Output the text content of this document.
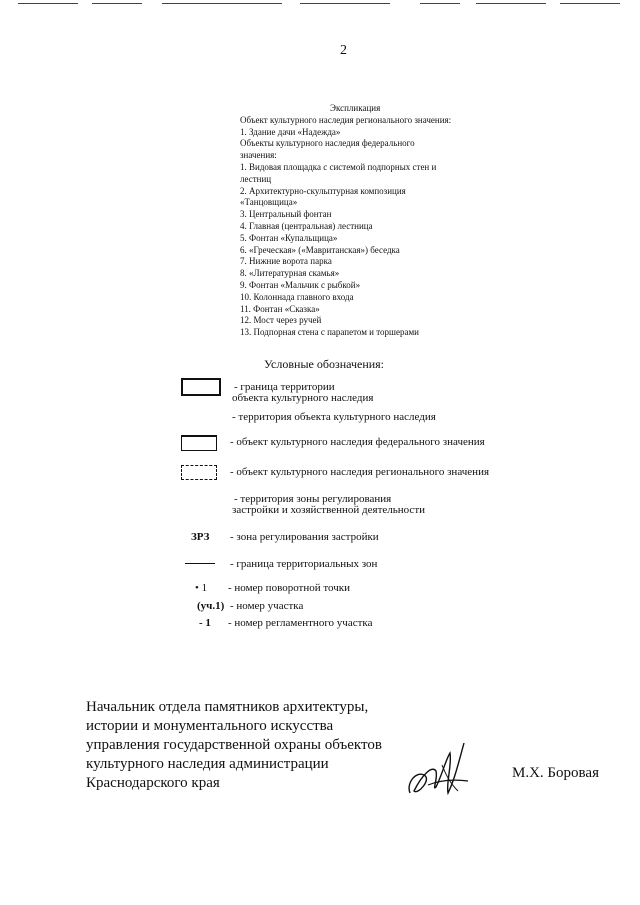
2
Экспликация
Объект культурного наследия регионального значения:
1. Здание дачи «Надежда»
Объекты культурного наследия федерального
значения:
1. Видовая площадка с системой подпорных стен и
лестниц
2. Архитектурно-скульптурная композиция
«Танцовщица»
3. Центральный фонтан
4. Главная (центральная) лестница
5. Фонтан «Купальщица»
6. «Греческая» («Мавританская») беседка
7. Нижние ворота парка
8. «Литературная скамья»
9. Фонтан «Мальчик с рыбкой»
10. Колоннада главного входа
11. Фонтан «Сказка»
12. Мост через ручей
13. Подпорная стена с парапетом и торшерами
Условные обозначения:
- граница территории
объекта культурного наследия
- территория объекта культурного наследия
- объект культурного наследия федерального значения
- объект культурного наследия регионального значения
- территория зоны регулирования
застройки и хозяйственной деятельности
ЗРЗ - зона регулирования застройки
- граница территориальных зон
• 1 - номер поворотной точки
(уч.1) - номер участка
- 1 - номер регламентного участка
Начальник отдела памятников архитектуры,
истории и монументального искусства
управления государственной охраны объектов
культурного наследия администрации
Краснодарского края
М.Х. Боровая
